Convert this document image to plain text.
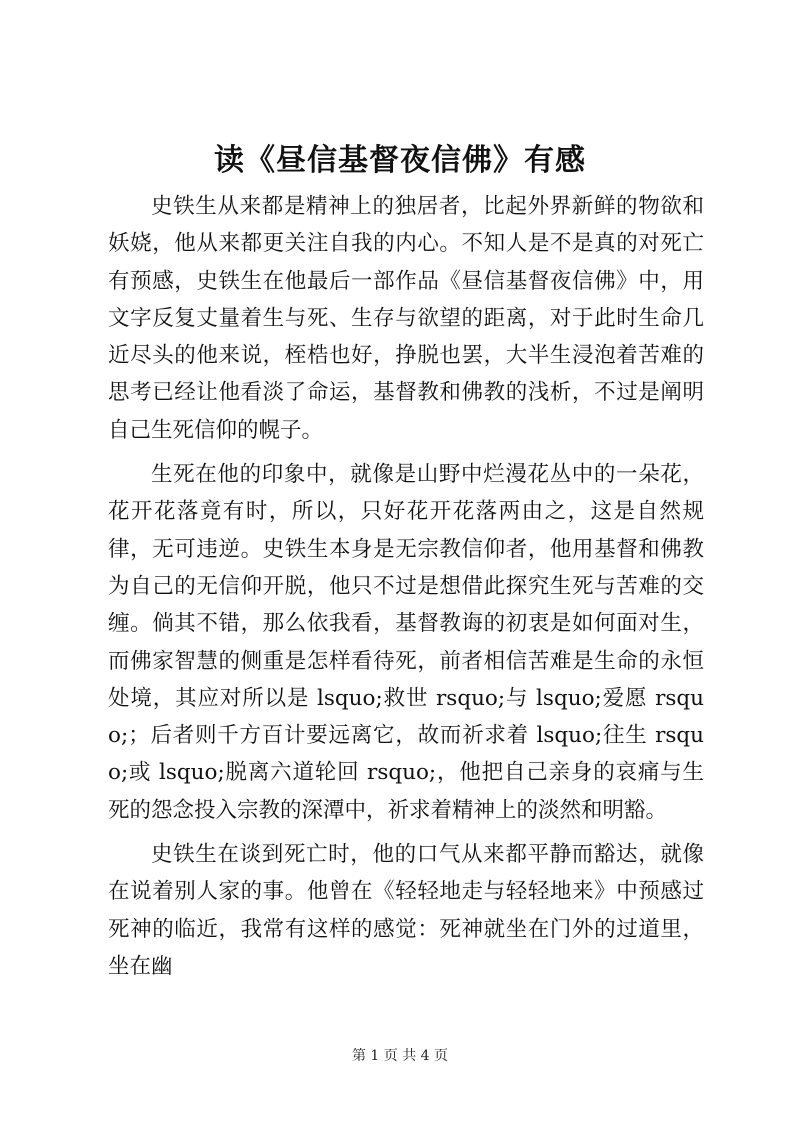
读《昼信基督夜信佛》有感

史铁生从来都是精神上的独居者，比起外界新鲜的物欲和妖娆，他从来都更关注自我的内心。不知人是不是真的对死亡有预感，史铁生在他最后一部作品《昼信基督夜信佛》中，用文字反复丈量着生与死、生存与欲望的距离，对于此时生命几近尽头的他来说，桎梏也好，挣脱也罢，大半生浸泡着苦难的思考已经让他看淡了命运，基督教和佛教的浅析，不过是阐明自己生死信仰的幌子。

生死在他的印象中，就像是山野中烂漫花丛中的一朵花，花开花落竟有时，所以，只好花开花落两由之，这是自然规律，无可违逆。史铁生本身是无宗教信仰者，他用基督和佛教为自己的无信仰开脱，他只不过是想借此探究生死与苦难的交缠。倘其不错，那么依我看，基督教诲的初衷是如何面对生，而佛家智慧的侧重是怎样看待死，前者相信苦难是生命的永恒处境，其应对所以是 lsquo;救世 rsquo;与 lsquo;爱愿 rsquo;；后者则千方百计要远离它，故而祈求着 lsquo;往生 rsquo;或 lsquo;脱离六道轮回 rsquo;，他把自己亲身的哀痛与生死的怨念投入宗教的深潭中，祈求着精神上的淡然和明豁。

史铁生在谈到死亡时，他的口气从来都平静而豁达，就像在说着别人家的事。他曾在《轻轻地走与轻轻地来》中预感过死神的临近，我常有这样的感觉：死神就坐在门外的过道里，坐在幽

第 1 页 共 4 页
